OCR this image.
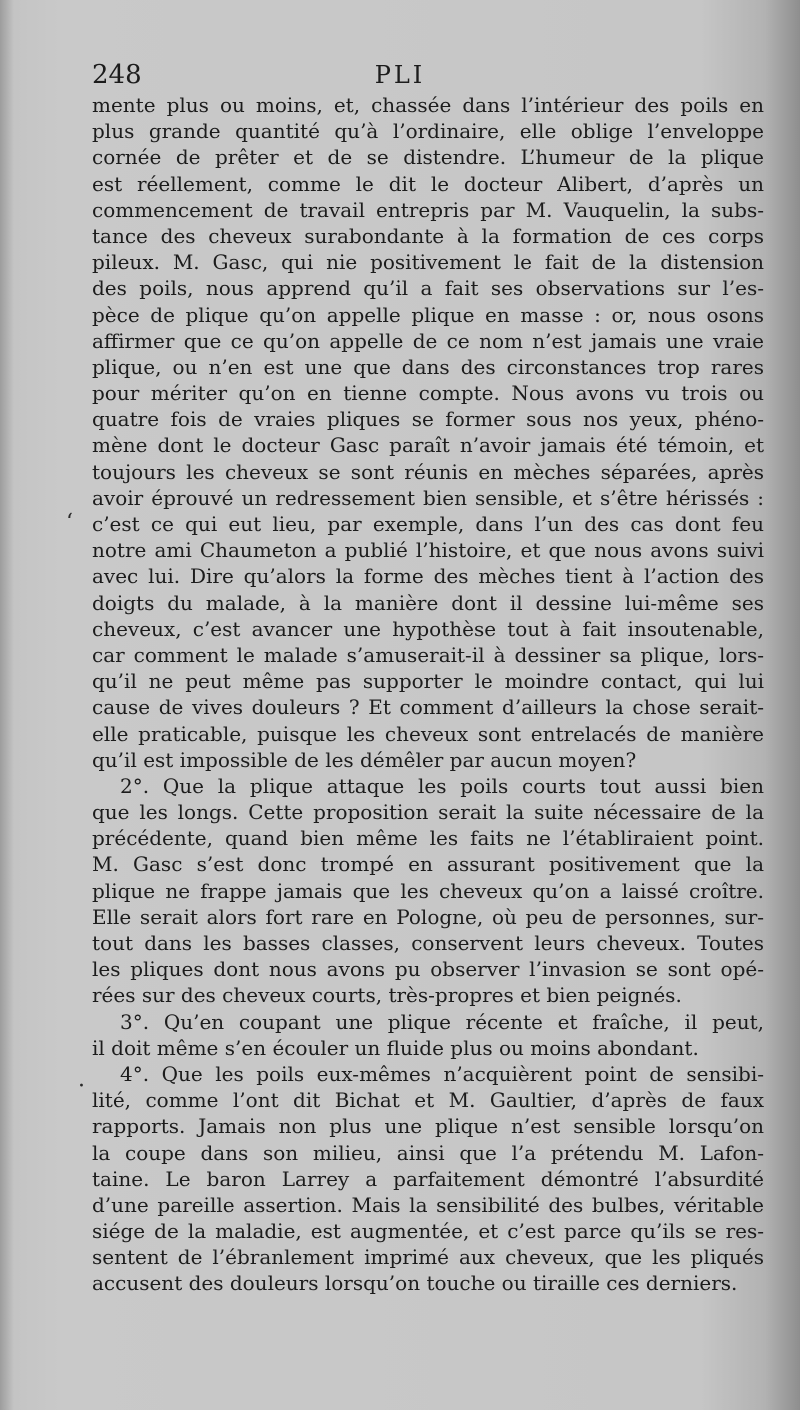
248	PLI
‘
·
mente plus ou moins, et, chassée dans l’intérieur des poils en
plus grande quantité qu’à l’ordinaire, elle oblige l’enveloppe
cornée de prêter et de se distendre. L’humeur de la plique
est réellement, comme le dit le docteur Alibert, d’après un
commencement de travail entrepris par M. Vauquelin, la subs-
tance des cheveux surabondante à la formation de ces corps
pileux. M. Gasc, qui nie positivement le fait de la distension
des poils, nous apprend qu’il a fait ses observations sur l’es-
pèce de plique qu’on appelle plique en masse : or, nous osons
affirmer que ce qu’on appelle de ce nom n’est jamais une vraie
plique, ou n’en est une que dans des circonstances trop rares
pour mériter qu’on en tienne compte. Nous avons vu trois ou
quatre fois de vraies pliques se former sous nos yeux, phéno-
mène dont le docteur Gasc paraît n’avoir jamais été témoin, et
toujours les cheveux se sont réunis en mèches séparées, après
avoir éprouvé un redressement bien sensible, et s’être hérissés :
c’est ce qui eut lieu, par exemple, dans l’un des cas dont feu
notre ami Chaumeton a publié l’histoire, et que nous avons suivi
avec lui. Dire qu’alors la forme des mèches tient à l’action des
doigts du malade, à la manière dont il dessine lui-même ses
cheveux, c’est avancer une hypothèse tout à fait insoutenable,
car comment le malade s’amuserait-il à dessiner sa plique, lors-
qu’il ne peut même pas supporter le moindre contact, qui lui
cause de vives douleurs ? Et comment d’ailleurs la chose serait-
elle praticable, puisque les cheveux sont entrelacés de manière
qu’il est impossible de les démêler par aucun moyen?
2°. Que la plique attaque les poils courts tout aussi bien
que les longs. Cette proposition serait la suite nécessaire de la
précédente, quand bien même les faits ne l’établiraient point.
M. Gasc s’est donc trompé en assurant positivement que la
plique ne frappe jamais que les cheveux qu’on a laissé croître.
Elle serait alors fort rare en Pologne, où peu de personnes, sur-
tout dans les basses classes, conservent leurs cheveux. Toutes
les pliques dont nous avons pu observer l’invasion se sont opé-
rées sur des cheveux courts, très-propres et bien peignés.
3°. Qu’en coupant une plique récente et fraîche, il peut,
il doit même s’en écouler un fluide plus ou moins abondant.
4°. Que les poils eux-mêmes n’acquièrent point de sensibi-
lité, comme l’ont dit Bichat et M. Gaultier, d’après de faux
rapports. Jamais non plus une plique n’est sensible lorsqu’on
la coupe dans son milieu, ainsi que l’a prétendu M. Lafon-
taine. Le baron Larrey a parfaitement démontré l’absurdité
d’une pareille assertion. Mais la sensibilité des bulbes, véritable
siége de la maladie, est augmentée, et c’est parce qu’ils se res-
sentent de l’ébranlement imprimé aux cheveux, que les pliqués
accusent des douleurs lorsqu’on touche ou tiraille ces derniers.
